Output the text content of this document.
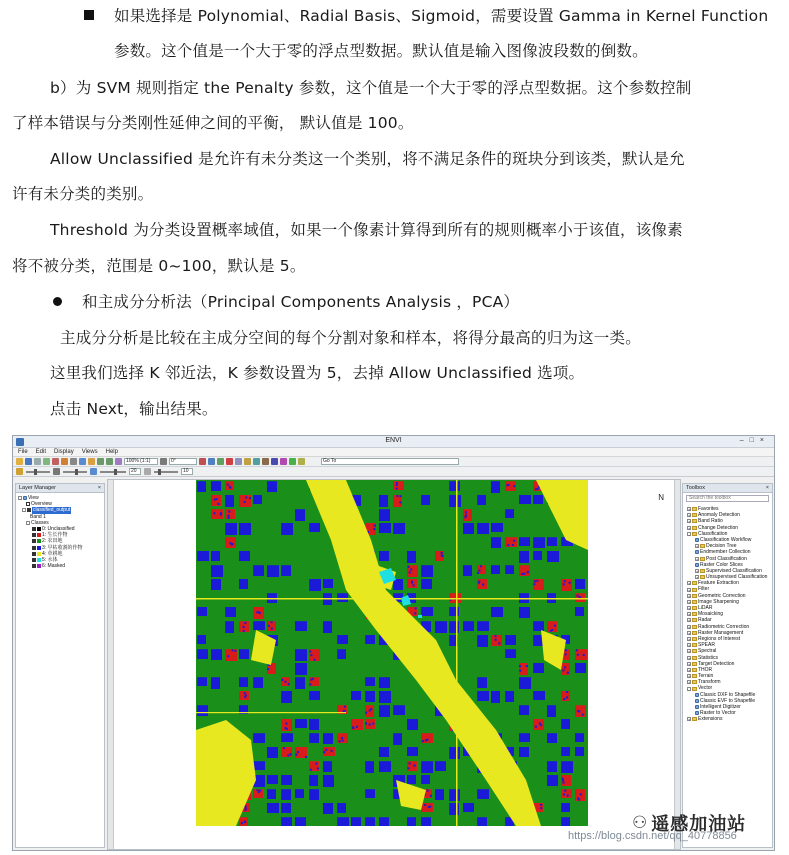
如果选择是 Polynomial、Radial Basis、Sigmoid，需要设置 Gamma in Kernel Function
参数。这个值是一个大于零的浮点型数据。默认值是输入图像波段数的倒数。
b）为 SVM 规则指定 the Penalty 参数，这个值是一个大于零的浮点型数据。这个参数控制
了样本错误与分类刚性延伸之间的平衡， 默认值是 100。
Allow Unclassified 是允许有未分类这一个类别，将不满足条件的斑块分到该类，默认是允
许有未分类的类别。
Threshold 为分类设置概率域值，如果一个像素计算得到所有的规则概率小于该值，该像素
将不被分类，范围是 0~100，默认是 5。
和主成分分析法（Principal Components Analysis ，PCA）
主成分分析是比较在主成分空间的每个分割对象和样本，将得分最高的归为这一类。
这里我们选择 K 邻近法，K 参数设置为 5，去掉 Allow Unclassified 选项。
点击 Next，输出结果。
ENVI	–□×
File Edit Display Views Help
100% (1:1)	0°	Go To
20	10
Layer Manager	×
- View
Overview
- classified_output
Band 1
- Classes
0: Unclassified
1: 生长作物
2: 农田地
3: 早枯收割的作物
4: 草耕地
5: 水体
6: Masked
N
Toolbox	×
Search the toolbox
+ Favorites
+ Anomaly Detection
+ Band Ratio
+ Change Detection
- Classification
Classification Workflow
+ Decision Tree
Endmember Collection
+ Post Classification
Raster Color Slices
+ Supervised Classification
+ Unsupervised Classification
+ Feature Extraction
+ Filter
+ Geometric Correction
+ Image Sharpening
+ LiDAR
+ Mosaicking
+ Radar
+ Radiometric Correction
+ Raster Management
+ Regions of Interest
+ SPEAR
+ Spectral
+ Statistics
+ Target Detection
+ THOR
+ Terrain
+ Transform
- Vector
Classic DXF to Shapefile
Classic EVF to Shapefile
Intelligent Digitizer
Raster to Vector
+ Extensions
⚇ 遥感加油站
https://blog.csdn.net/qq_40778856
